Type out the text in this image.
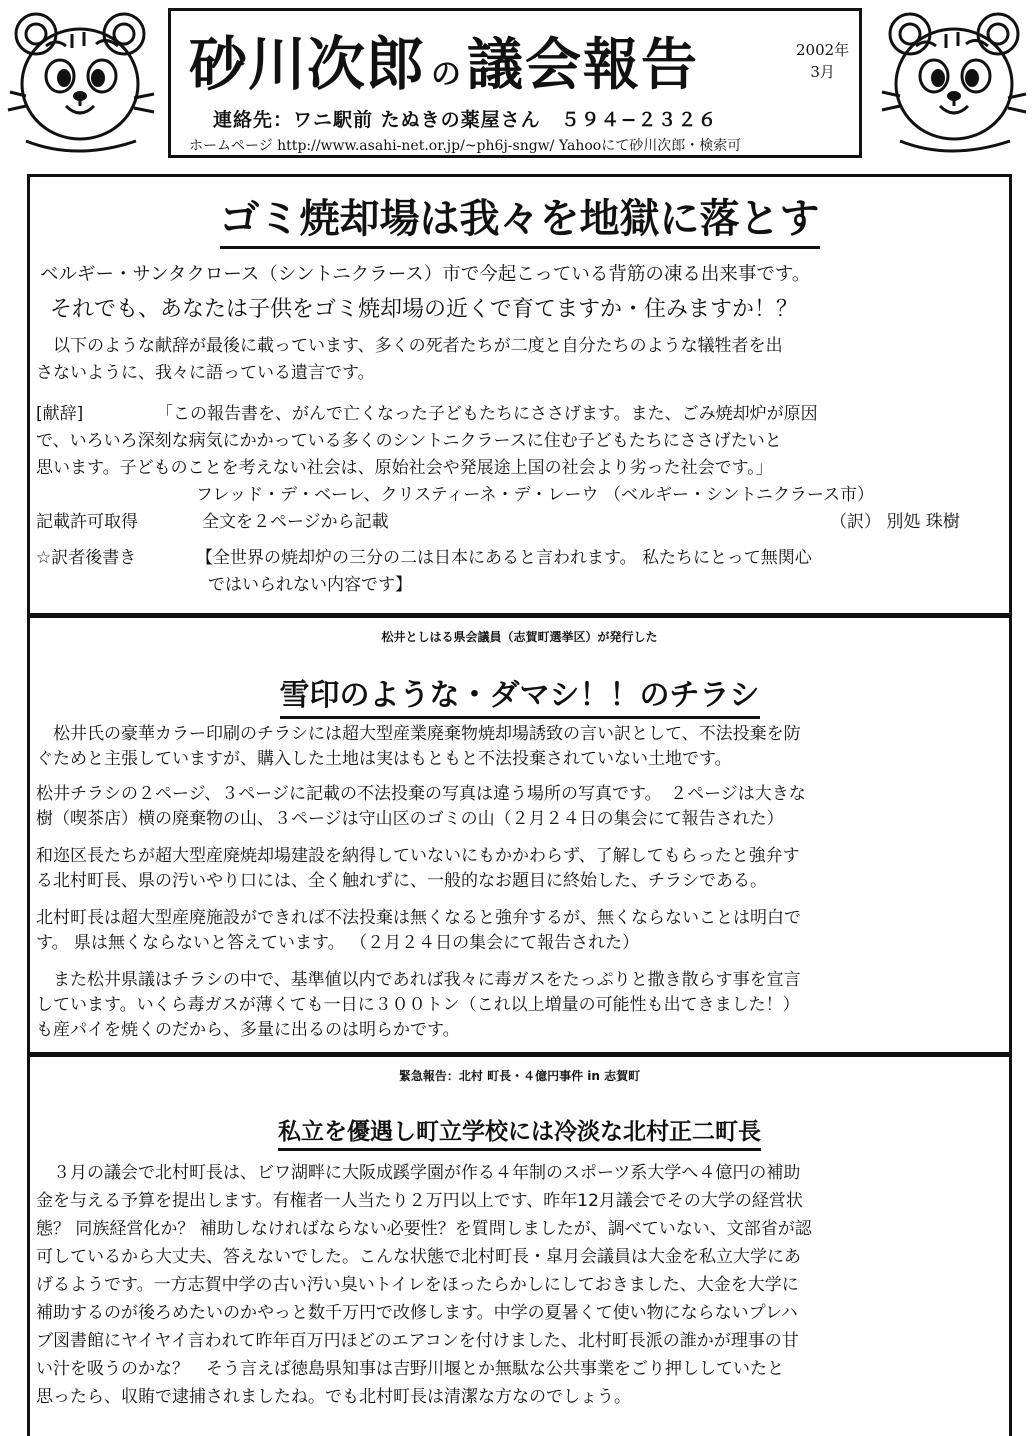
砂川次郎 の 議会報告	2002年
3月
連絡先：ワニ駅前 たぬきの薬屋さん　５９４−２３２６
ホームページ http://www.asahi-net.or.jp/~ph6j-sngw/ Yahooにて砂川次郎・検索可
ゴミ焼却場は我々を地獄に落とす
ベルギー・サンタクロース（シントニクラース）市で今起こっている背筋の凍る出来事です。
それでも、あなたは子供をゴミ焼却場の近くで育てますか・住みますか！？
　以下のような献辞が最後に載っています、多くの死者たちが二度と自分たちのような犠牲者を出
さないように、我々に語っている遺言です。
[献辞]	「この報告書を、がんで亡くなった子どもたちにささげます。また、ごみ焼却炉が原因
で、いろいろ深刻な病気にかかっている多くのシントニクラースに住む子どもたちにささげたいと
思います。子どものことを考えない社会は、原始社会や発展途上国の社会より劣った社会です。」
フレッド・デ・ベーレ、クリスティーネ・デ・レーウ （ベルギー・シントニクラース市）
記載許可取得	全文を２ページから記載	（訳） 別処 珠樹
☆訳者後書き	【全世界の焼却炉の三分の二は日本にあると言われます。 私たちにとって無関心
ではいられない内容です】
松井としはる県会議員（志賀町選挙区）が発行した
雪印のような・ダマシ！！のチラシ
　松井氏の豪華カラー印刷のチラシには超大型産業廃棄物焼却場誘致の言い訳として、不法投棄を防
ぐためと主張していますが、購入した土地は実はもともと不法投棄されていない土地です。
松井チラシの２ページ、３ページに記載の不法投棄の写真は違う場所の写真です。　２ページは大きな
樹（喫茶店）横の廃棄物の山、３ページは守山区のゴミの山（２月２４日の集会にて報告された）
和迩区長たちが超大型産廃焼却場建設を納得していないにもかかわらず、了解してもらったと強弁す
る北村町長、県の汚いやり口には、全く触れずに、一般的なお題目に終始した、チラシである。
北村町長は超大型産廃施設ができれば不法投棄は無くなると強弁するが、無くならないことは明白で
す。 県は無くならないと答えています。 （２月２４日の集会にて報告された）
　また松井県議はチラシの中で、基準値以内であれば我々に毒ガスをたっぷりと撒き散らす事を宣言
しています。いくら毒ガスが薄くても一日に３００トン（これ以上増量の可能性も出てきました！）
も産パイを焼くのだから、多量に出るのは明らかです。
緊急報告：北村 町長・４億円事件 in 志賀町
私立を優遇し町立学校には冷淡な北村正二町長
　３月の議会で北村町長は、ビワ湖畔に大阪成蹊学園が作る４年制のスポーツ系大学へ４億円の補助
金を与える予算を提出します。有権者一人当たり２万円以上です、昨年12月議会でその大学の経営状
態？ 同族経営化か？ 補助しなければならない必要性？を質問しましたが、調べていない、文部省が認
可しているから大丈夫、答えないでした。こんな状態で北村町長・皐月会議員は大金を私立大学にあ
げるようです。一方志賀中学の古い汚い臭いトイレをほったらかしにしておきました、大金を大学に
補助するのが後ろめたいのかやっと数千万円で改修します。中学の夏暑くて使い物にならないプレハ
ブ図書館にヤイヤイ言われて昨年百万円ほどのエアコンを付けました、北村町長派の誰かが理事の甘
い汁を吸うのかな？　そう言えば徳島県知事は吉野川堰とか無駄な公共事業をごり押ししていたと
思ったら、収賄で逮捕されましたね。でも北村町長は清潔な方なのでしょう。
